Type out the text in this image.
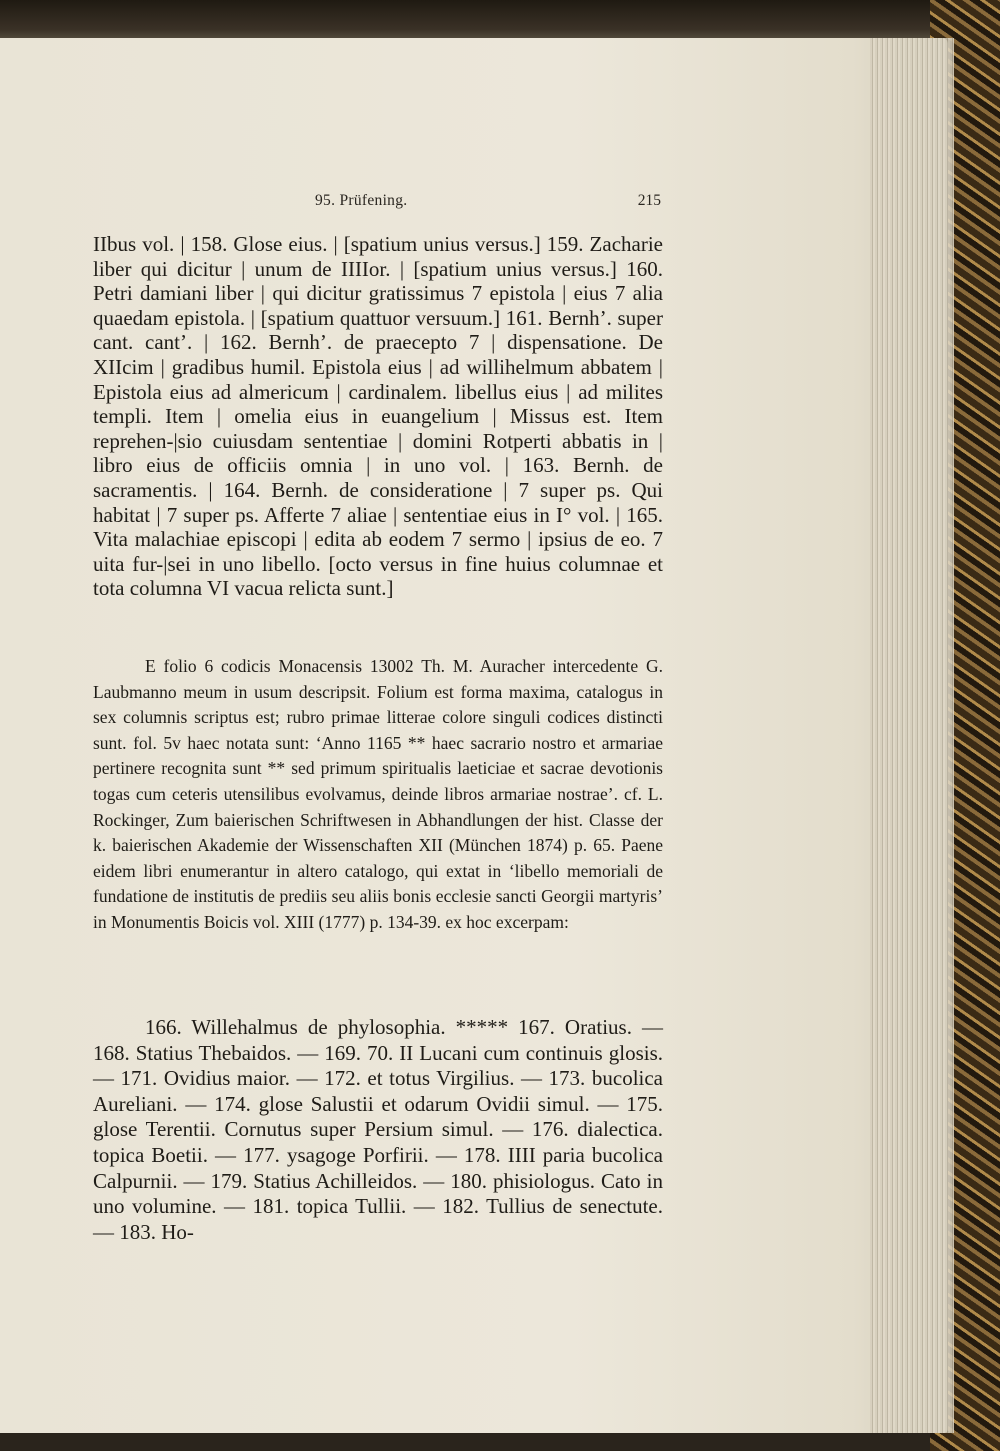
95. Prüfening.	215

IIbus vol. | 158. Glose eius. | [spatium unius versus.] 159. Zacharie liber qui dicitur | unum de IIIIor. | [spatium unius versus.] 160. Petri damiani liber | qui dicitur gratissimus 7 epistola | eius 7 alia quaedam epistola. | [spatium quattuor versuum.] 161. Bernh’. super cant. cant’. | 162. Bernh’. de praecepto 7 | dispensatione. De XIIcim | gradibus humil. Epistola eius | ad willihelmum abbatem | Epistola eius ad almericum | cardinalem. libellus eius | ad milites templi. Item | omelia eius in euangelium | Missus est. Item reprehen-|sio cuiusdam sententiae | domini Rotperti abbatis in | libro eius de officiis omnia | in uno vol. | 163. Bernh. de sacramentis. | 164. Bernh. de consideratione | 7 super ps. Qui habitat | 7 super ps. Afferte 7 aliae | sententiae eius in I° vol. | 165. Vita malachiae episcopi | edita ab eodem 7 sermo | ipsius de eo. 7 uita fur-|sei in uno libello. [octo versus in fine huius columnae et tota columna VI vacua relicta sunt.]

E folio 6 codicis Monacensis 13002 Th. M. Auracher intercedente G. Laubmanno meum in usum descripsit. Folium est forma maxima, catalogus in sex columnis scriptus est; rubro primae litterae colore singuli codices distincti sunt. fol. 5v haec notata sunt: ‘Anno 1165 ** haec sacrario nostro et armariae pertinere recognita sunt ** sed primum spiritualis laeticiae et sacrae devotionis togas cum ceteris utensilibus evolvamus, deinde libros armariae nostrae’. cf. L. Rockinger, Zum baierischen Schriftwesen in Abhandlungen der hist. Classe der k. baierischen Akademie der Wissenschaften XII (München 1874) p. 65. Paene eidem libri enumerantur in altero catalogo, qui extat in ‘libello memoriali de fundatione de institutis de prediis seu aliis bonis ecclesie sancti Georgii martyris’ in Monumentis Boicis vol. XIII (1777) p. 134-39. ex hoc excerpam:

166. Willehalmus de phylosophia. ***** 167. Oratius. — 168. Statius Thebaidos. — 169. 70. II Lucani cum continuis glosis. — 171. Ovidius maior. — 172. et totus Virgilius. — 173. bucolica Aureliani. — 174. glose Salustii et odarum Ovidii simul. — 175. glose Terentii. Cornutus super Persium simul. — 176. dialectica. topica Boetii. — 177. ysagoge Porfirii. — 178. IIII paria bucolica Calpurnii. — 179. Statius Achilleidos. — 180. phisiologus. Cato in uno volumine. — 181. topica Tullii. — 182. Tullius de senectute. — 183. Ho-
